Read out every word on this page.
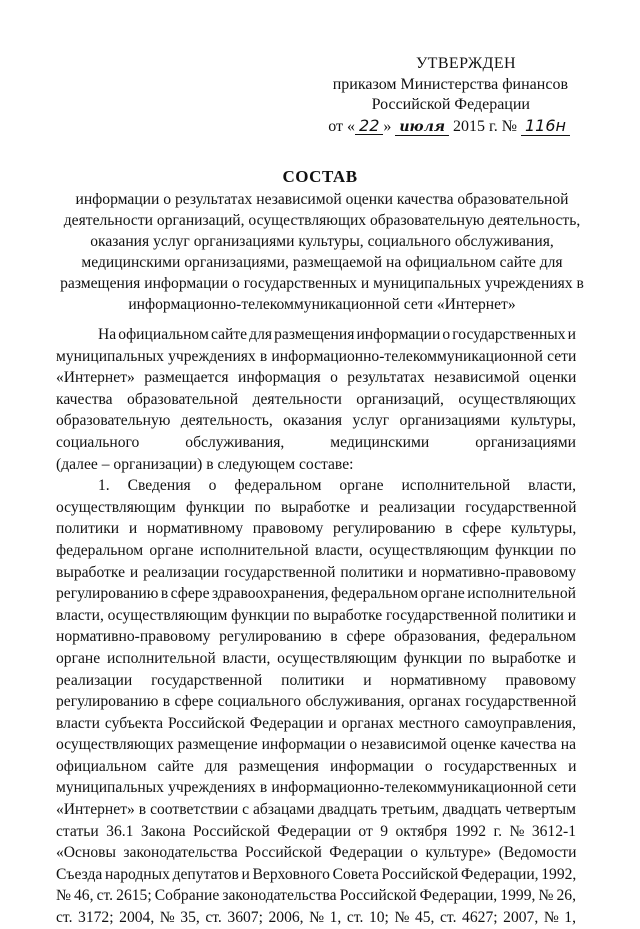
УТВЕРЖДЕН
приказом Министерства финансов
Российской Федерации
от « 22 » июля 2015 г. № 116н
СОСТАВ
информации о результатах независимой оценки качества образовательной
деятельности организаций, осуществляющих образовательную деятельность,
оказания услуг организациями культуры, социального обслуживания,
медицинскими организациями, размещаемой на официальном сайте для
размещения информации о государственных и муниципальных учреждениях в
информационно-телекоммуникационной сети «Интернет»
На официальном сайте для размещения информации о государственных и
муниципальных учреждениях в информационно-телекоммуникационной сети
«Интернет» размещается информация о результатах независимой оценки
качества образовательной деятельности организаций, осуществляющих
образовательную деятельность, оказания услуг организациями культуры,
социального обслуживания, медицинскими организациями
(далее – организации) в следующем составе:
1. Сведения о федеральном органе исполнительной власти,
осуществляющим функции по выработке и реализации государственной
политики и нормативному правовому регулированию в сфере культуры,
федеральном органе исполнительной власти, осуществляющим функции по
выработке и реализации государственной политики и нормативно-правовому
регулированию в сфере здравоохранения, федеральном органе исполнительной
власти, осуществляющим функции по выработке государственной политики и
нормативно-правовому регулированию в сфере образования, федеральном
органе исполнительной власти, осуществляющим функции по выработке и
реализации государственной политики и нормативному правовому
регулированию в сфере социального обслуживания, органах государственной
власти субъекта Российской Федерации и органах местного самоуправления,
осуществляющих размещение информации о независимой оценке качества на
официальном сайте для размещения информации о государственных и
муниципальных учреждениях в информационно-телекоммуникационной сети
«Интернет» в соответствии с абзацами двадцать третьим, двадцать четвертым
статьи 36.1 Закона Российской Федерации от 9 октября 1992 г. № 3612-1
«Основы законодательства Российской Федерации о культуре» (Ведомости
Съезда народных депутатов и Верховного Совета Российской Федерации, 1992,
№ 46, ст. 2615; Собрание законодательства Российской Федерации, 1999, № 26,
ст. 3172; 2004, № 35, ст. 3607; 2006, № 1, ст. 10; № 45, ст. 4627; 2007, № 1,
